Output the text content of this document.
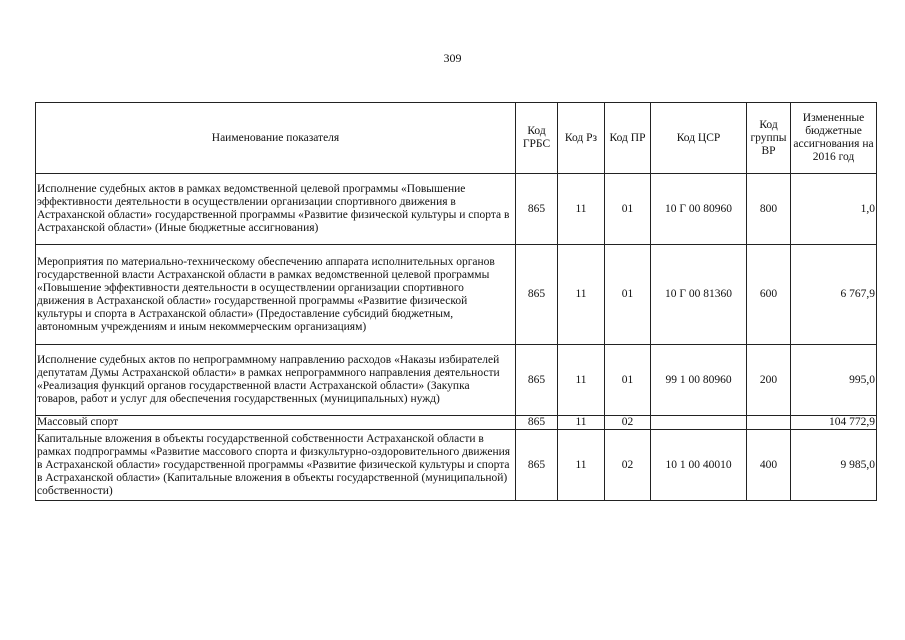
309
Наименование показателя	Код ГРБС	Код Рз	Код ПР	Код ЦСР	Код группы ВР	Измененные бюджетные ассигнования на 2016 год
Исполнение судебных актов в рамках ведомственной целевой программы «Повышение эффективности деятельности в осуществлении организации спортивного движения в Астраханской области» государственной программы «Развитие физической культуры и спорта в Астраханской области» (Иные бюджетные ассигнования)	865	11	01	10 Г 00 80960	800	1,0
Мероприятия по материально-техническому обеспечению аппарата исполнительных органов государственной власти Астраханской области в рамках ведомственной целевой программы «Повышение эффективности деятельности в осуществлении организации спортивного движения в Астраханской области» государственной программы «Развитие физической культуры и спорта в Астраханской области» (Предоставление субсидий бюджетным, автономным учреждениям и иным некоммерческим организациям)	865	11	01	10 Г 00 81360	600	6 767,9
Исполнение судебных актов по непрограммному направлению расходов «Наказы избирателей депутатам Думы Астраханской области» в рамках непрограммного направления деятельности «Реализация функций органов государственной власти Астраханской области» (Закупка товаров, работ и услуг для обеспечения государственных (муниципальных) нужд)	865	11	01	99 1 00 80960	200	995,0
Массовый спорт	865	11	02			104 772,9
Капитальные вложения в объекты государственной собственности Астраханской области в рамках подпрограммы «Развитие массового спорта и физкультурно-оздоровительного движения в Астраханской области» государственной программы «Развитие физической культуры и спорта в Астраханской области» (Капитальные вложения в объекты государственной (муниципальной) собственности)	865	11	02	10 1 00 40010	400	9 985,0
